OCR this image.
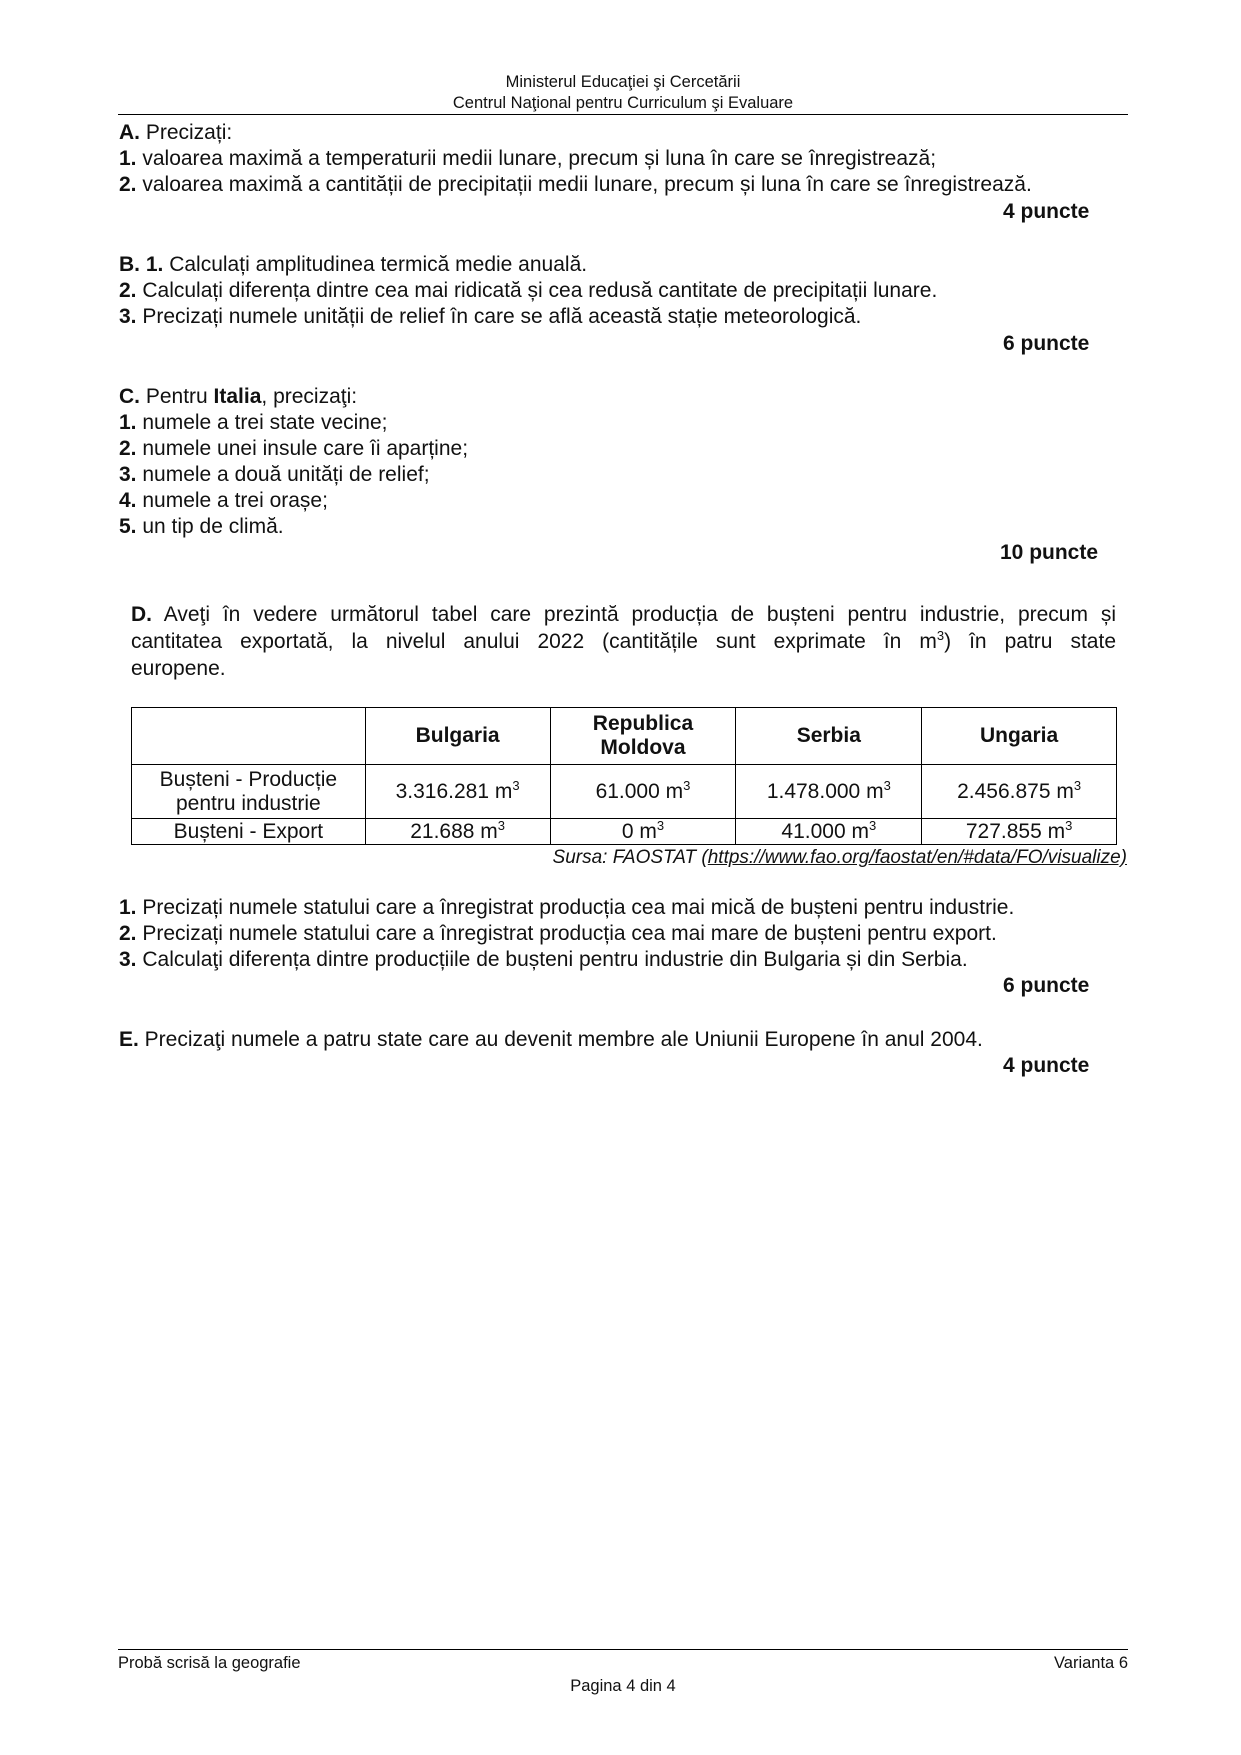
Ministerul Educaţiei şi Cercetării
Centrul Naţional pentru Curriculum şi Evaluare
A. Precizați:
1. valoarea maximă a temperaturii medii lunare, precum și luna în care se înregistrează;
2. valoarea maximă a cantității de precipitații medii lunare, precum și luna în care se înregistrează.
4 puncte
B. 1. Calculați amplitudinea termică medie anuală.
2. Calculați diferența dintre cea mai ridicată și cea redusă cantitate de precipitații lunare.
3. Precizați numele unității de relief în care se află această stație meteorologică.
6 puncte
C. Pentru Italia, precizaţi:
1. numele a trei state vecine;
2. numele unei insule care îi aparține;
3. numele a două unități de relief;
4. numele a trei orașe;
5. un tip de climă.
10 puncte
D. Aveţi în vedere următorul tabel care prezintă producția de bușteni pentru industrie, precum și
cantitatea exportată, la nivelul anului 2022 (cantitățile sunt exprimate în $m^3$) în patru state
europene.
	Bulgaria	Republica Moldova	Serbia	Ungaria
Bușteni - Producție pentru industrie	3.316.281 $m^3$	61.000 $m^3$	1.478.000 $m^3$	2.456.875 $m^3$
Bușteni - Export	21.688 $m^3$	0 $m^3$	41.000 $m^3$	727.855 $m^3$
Sursa: FAOSTAT (https://www.fao.org/faostat/en/#data/FO/visualize)
1. Precizați numele statului care a înregistrat producția cea mai mică de bușteni pentru industrie.
2. Precizați numele statului care a înregistrat producția cea mai mare de bușteni pentru export.
3. Calculaţi diferența dintre producțiile de bușteni pentru industrie din Bulgaria și din Serbia.
6 puncte
E. Precizaţi numele a patru state care au devenit membre ale Uniunii Europene în anul 2004.
4 puncte
Probă scrisă la geografie	Varianta 6
Pagina 4 din 4
